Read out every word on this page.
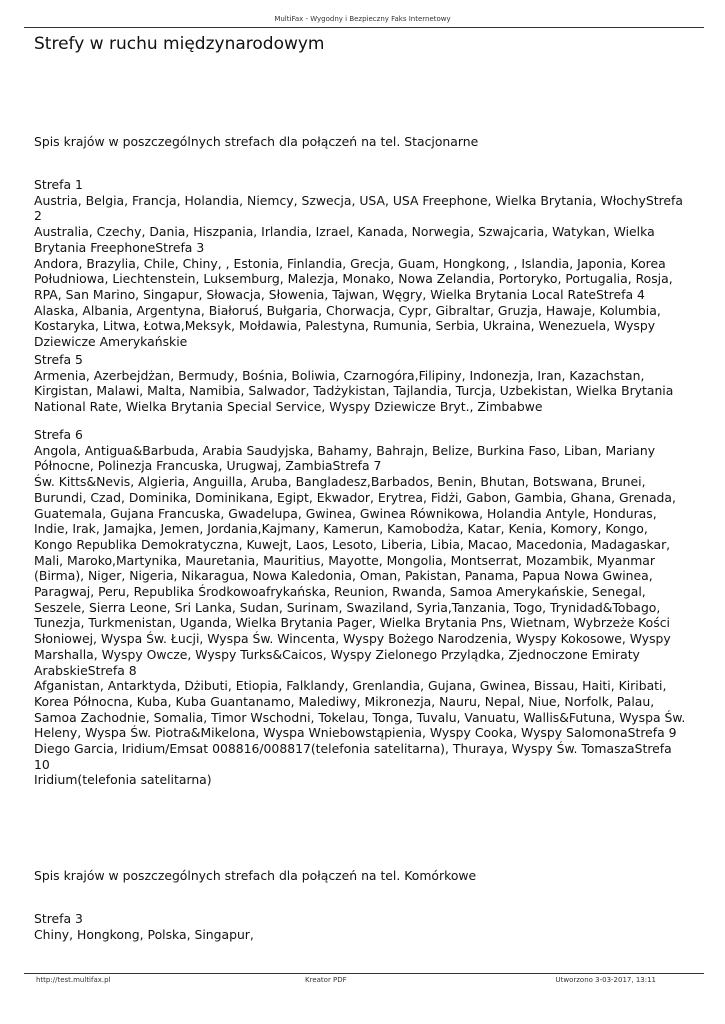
MultiFax - Wygodny i Bezpieczny Faks Internetowy
Strefy w ruchu międzynarodowym

Spis krajów w poszczególnych strefach dla połączeń na tel. Stacjonarne

Strefa 1
Austria, Belgia, Francja, Holandia, Niemcy, Szwecja, USA, USA Freephone, Wielka Brytania, WłochyStrefa 2
Australia, Czechy, Dania, Hiszpania, Irlandia, Izrael, Kanada, Norwegia, Szwajcaria, Watykan, Wielka Brytania FreephoneStrefa 3
Andora, Brazylia, Chile, Chiny, , Estonia, Finlandia, Grecja, Guam, Hongkong, , Islandia, Japonia, Korea Południowa, Liechtenstein, Luksemburg, Malezja, Monako, Nowa Zelandia, Portoryko, Portugalia, Rosja, RPA, San Marino, Singapur, Słowacja, Słowenia, Tajwan, Węgry, Wielka Brytania Local RateStrefa 4
Alaska, Albania, Argentyna, Białoruś, Bułgaria, Chorwacja, Cypr, Gibraltar, Gruzja, Hawaje, Kolumbia, Kostaryka, Litwa, Łotwa,Meksyk, Mołdawia, Palestyna, Rumunia, Serbia, Ukraina, Wenezuela, Wyspy Dziewicze Amerykańskie

Strefa 5
Armenia, Azerbejdżan, Bermudy, Bośnia, Boliwia, Czarnogóra,Filipiny, Indonezja, Iran, Kazachstan, Kirgistan, Malawi, Malta, Namibia, Salwador, Tadżykistan, Tajlandia, Turcja, Uzbekistan, Wielka Brytania National Rate, Wielka Brytania Special Service, Wyspy Dziewicze Bryt., Zimbabwe

Strefa 6
Angola, Antigua&Barbuda, Arabia Saudyjska, Bahamy, Bahrajn, Belize, Burkina Faso, Liban, Mariany Północne, Polinezja Francuska, Urugwaj, ZambiaStrefa 7
Św. Kitts&Nevis, Algieria, Anguilla, Aruba, Bangladesz,Barbados, Benin, Bhutan, Botswana, Brunei, Burundi, Czad, Dominika, Dominikana, Egipt, Ekwador, Erytrea, Fidżi, Gabon, Gambia, Ghana, Grenada, Guatemala, Gujana Francuska, Gwadelupa, Gwinea, Gwinea Równikowa, Holandia Antyle, Honduras, Indie, Irak, Jamajka, Jemen, Jordania,Kajmany, Kamerun, Kamobodża, Katar, Kenia, Komory, Kongo, Kongo Republika Demokratyczna, Kuwejt, Laos, Lesoto, Liberia, Libia, Macao, Macedonia, Madagaskar, Mali, Maroko,Martynika, Mauretania, Mauritius, Mayotte, Mongolia, Montserrat, Mozambik, Myanmar (Birma), Niger, Nigeria, Nikaragua, Nowa Kaledonia, Oman, Pakistan, Panama, Papua Nowa Gwinea, Paragwaj, Peru, Republika Środkowoafrykańska, Reunion, Rwanda, Samoa Amerykańskie, Senegal, Seszele, Sierra Leone, Sri Lanka, Sudan, Surinam, Swaziland, Syria,Tanzania, Togo, Trynidad&Tobago, Tunezja, Turkmenistan, Uganda, Wielka Brytania Pager, Wielka Brytania Pns, Wietnam, Wybrzeże Kości Słoniowej, Wyspa Św. Łucji, Wyspa Św. Wincenta, Wyspy Bożego Narodzenia, Wyspy Kokosowe, Wyspy Marshalla, Wyspy Owcze, Wyspy Turks&Caicos, Wyspy Zielonego Przylądka, Zjednoczone Emiraty ArabskieStrefa 8
Afganistan, Antarktyda, Dżibuti, Etiopia, Falklandy, Grenlandia, Gujana, Gwinea, Bissau, Haiti, Kiribati, Korea Północna, Kuba, Kuba Guantanamo, Malediwy, Mikronezja, Nauru, Nepal, Niue, Norfolk, Palau, Samoa Zachodnie, Somalia, Timor Wschodni, Tokelau, Tonga, Tuvalu, Vanuatu, Wallis&Futuna, Wyspa Św. Heleny, Wyspa Św. Piotra&Mikelona, Wyspa Wniebowstąpienia, Wyspy Cooka, Wyspy SalomonaStrefa 9
Diego Garcia, Iridium/Emsat 008816/008817(telefonia satelitarna), Thuraya, Wyspy Św. TomaszaStrefa 10
Iridium(telefonia satelitarna)

Spis krajów w poszczególnych strefach dla połączeń na tel. Komórkowe

Strefa 3
Chiny, Hongkong, Polska, Singapur,

http://test.multifax.pl	Kreator PDF	Utworzono 3-03-2017, 13:11
